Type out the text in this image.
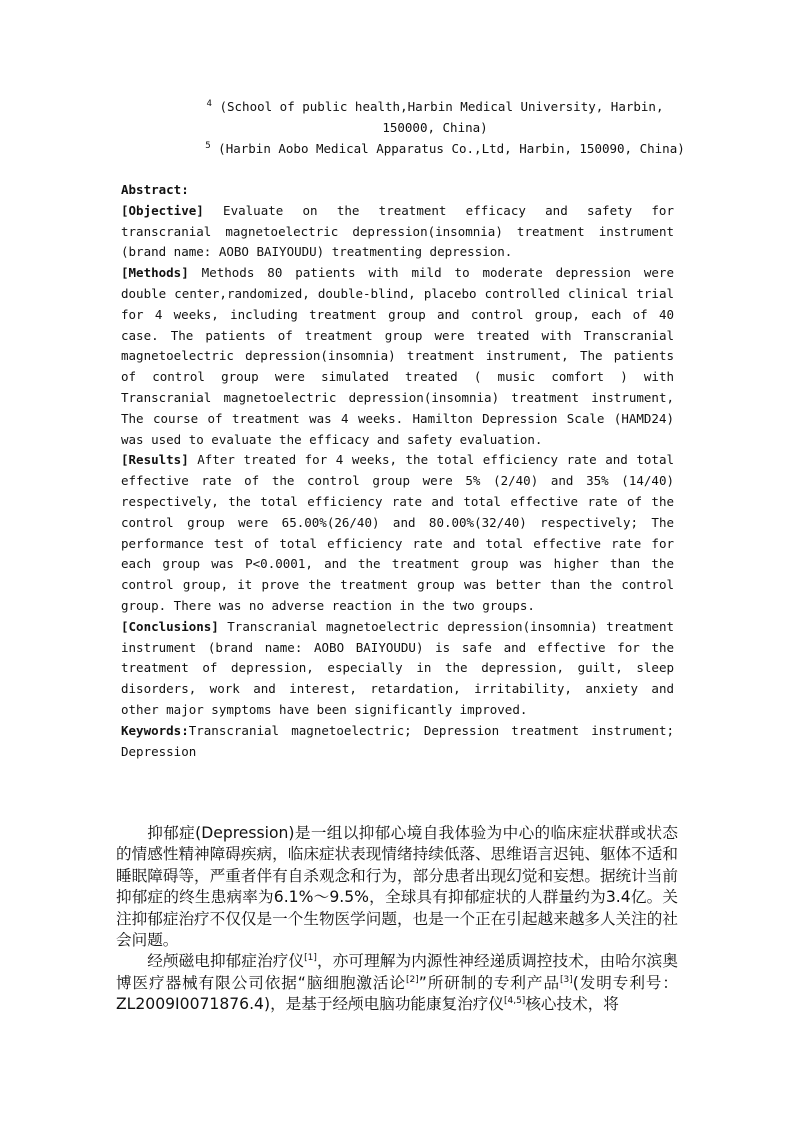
$^4$ (School of public health,Harbin Medical University, Harbin, 150000, China)
$^5$ (Harbin Aobo Medical Apparatus Co.,Ltd, Harbin, 150090, China)

Abstract:

[Objective] Evaluate on the treatment efficacy and safety for transcranial magnetoelectric depression(insomnia) treatment instrument (brand name: AOBO BAIYOUDU) treatmenting depression.

[Methods] Methods 80 patients with mild to moderate depression were double center,randomized, double-blind, placebo controlled clinical trial for 4 weeks, including treatment group and control group, each of 40 case. The patients of treatment group were treated with Transcranial magnetoelectric depression(insomnia) treatment instrument, The patients of control group were simulated treated ( music comfort ) with Transcranial magnetoelectric depression(insomnia) treatment instrument, The course of treatment was 4 weeks. Hamilton Depression Scale (HAMD24) was used to evaluate the efficacy and safety evaluation.

[Results] After treated for 4 weeks, the total efficiency rate and total effective rate of the control group were 5% (2/40) and 35% (14/40) respectively, the total efficiency rate and total effective rate of the control group were 65.00%(26/40) and 80.00%(32/40) respectively; The performance test of total efficiency rate and total effective rate for each group was P<0.0001, and the treatment group was higher than the control group, it prove the treatment group was better than the control group. There was no adverse reaction in the two groups.

[Conclusions] Transcranial magnetoelectric depression(insomnia) treatment instrument (brand name: AOBO BAIYOUDU) is safe and effective for the treatment of depression, especially in the depression, guilt, sleep disorders, work and interest, retardation, irritability, anxiety and other major symptoms have been significantly improved.

Keywords:Transcranial magnetoelectric; Depression treatment instrument; Depression

抑郁症(Depression)是一组以抑郁心境自我体验为中心的临床症状群或状态的情感性精神障碍疾病，临床症状表现情绪持续低落、思维语言迟钝、躯体不适和睡眠障碍等，严重者伴有自杀观念和行为，部分患者出现幻觉和妄想。据统计当前抑郁症的终生患病率为6.1%～9.5%，全球具有抑郁症状的人群量约为3.4亿。关注抑郁症治疗不仅仅是一个生物医学问题，也是一个正在引起越来越多人关注的社会问题。

经颅磁电抑郁症治疗仪[1]，亦可理解为内源性神经递质调控技术，由哈尔滨奥博医疗器械有限公司依据“脑细胞激活论[2]”所研制的专利产品[3](发明专利号：ZL2009I0071876.4)，是基于经颅电脑功能康复治疗仪[4,5]核心技术，将
